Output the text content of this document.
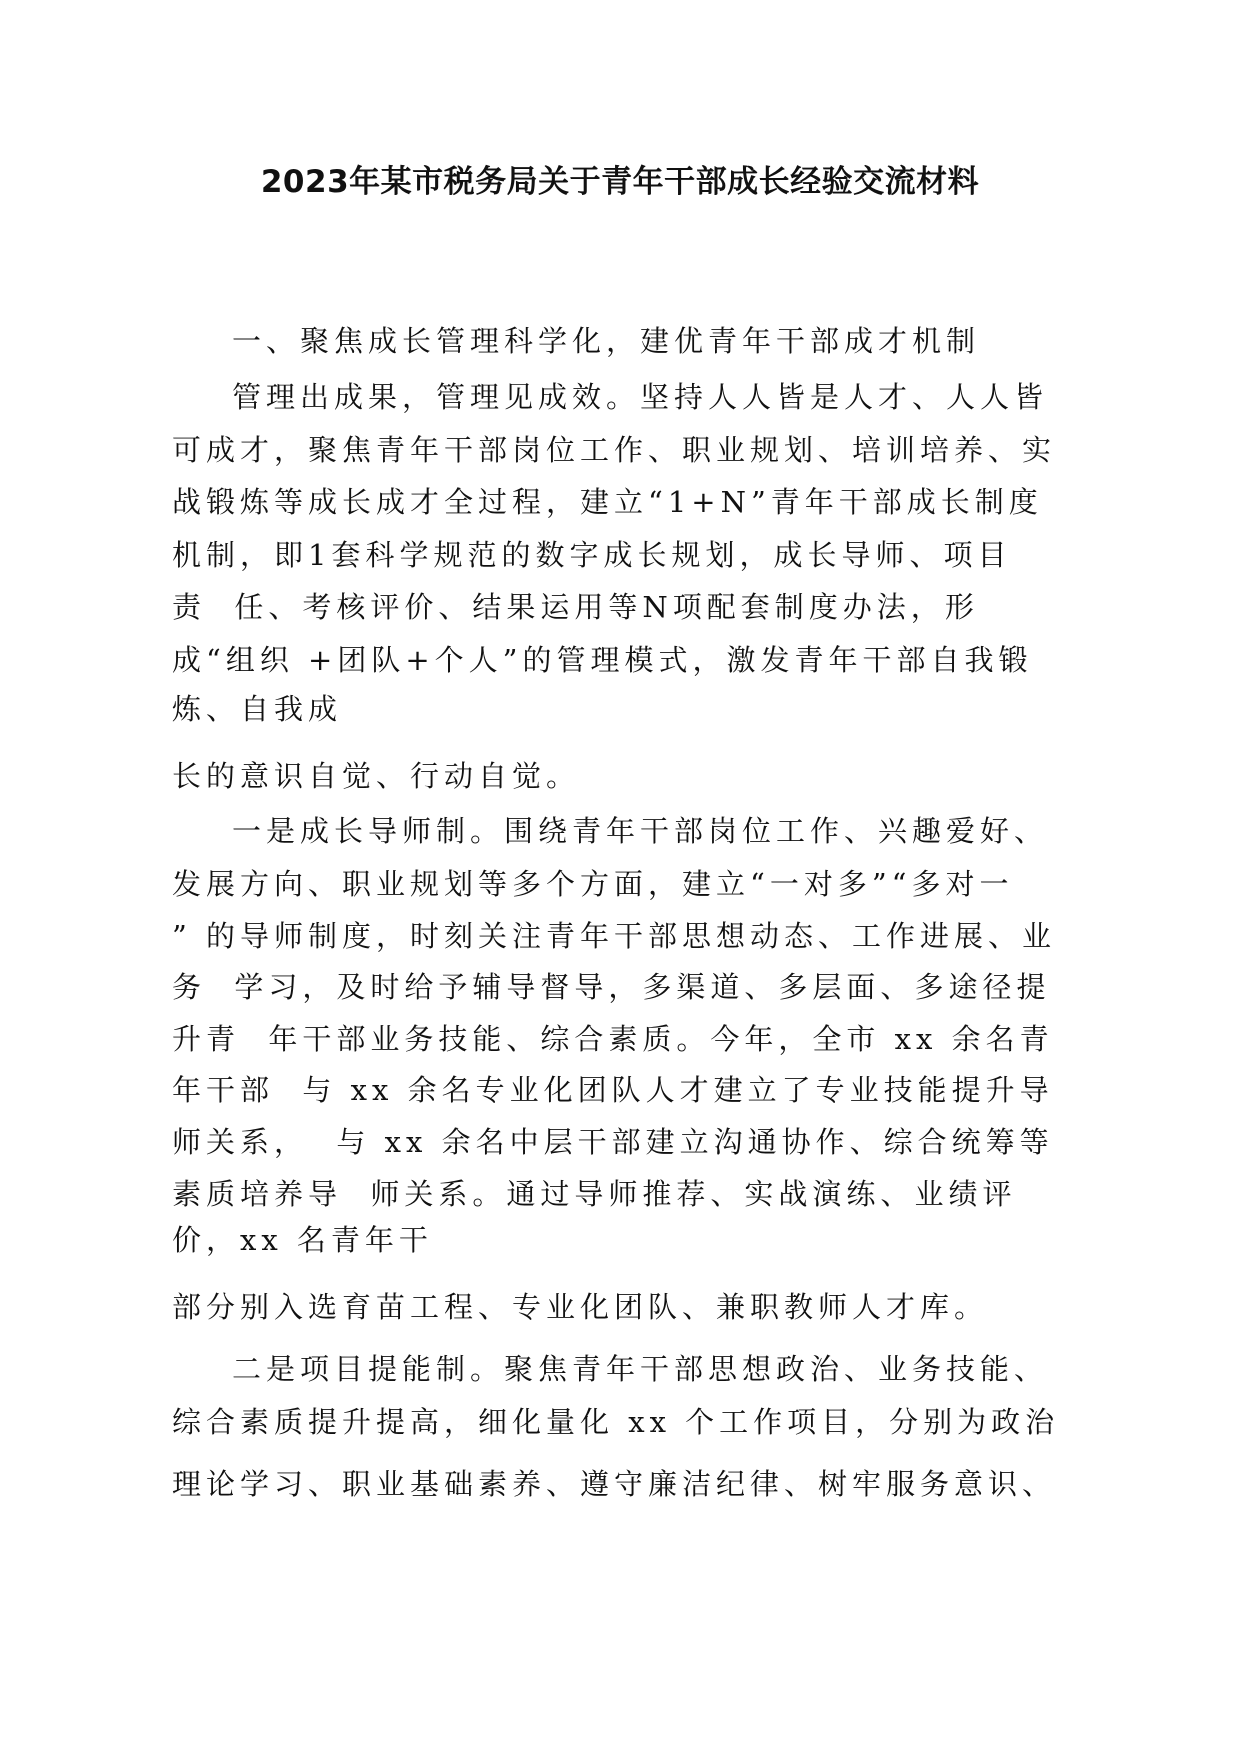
2023年某市税务局关于青年干部成长经验交流材料
一、聚焦成长管理科学化，建优青年干部成才机制
管理出成果，管理见成效。坚持人人皆是人才、人人皆
可成才，聚焦青年干部岗位工作、职业规划、培训培养、实
战锻炼等成长成才全过程，建立“1+N”青年干部成长制度
机制，即1套科学规范的数字成长规划，成长导师、项目
责  任、考核评价、结果运用等N项配套制度办法，形
成“组织 +团队+个人”的管理模式，激发青年干部自我锻
炼、自我成
长的意识自觉、行动自觉。
一是成长导师制。围绕青年干部岗位工作、兴趣爱好、
发展方向、职业规划等多个方面，建立“一对多”“多对一
” 的导师制度，时刻关注青年干部思想动态、工作进展、业
务  学习，及时给予辅导督导，多渠道、多层面、多途径提
升青  年干部业务技能、综合素质。今年，全市 xx 余名青
年干部  与 xx 余名专业化团队人才建立了专业技能提升导
师关系，  与 xx 余名中层干部建立沟通协作、综合统筹等
素质培养导  师关系。通过导师推荐、实战演练、业绩评
价，xx 名青年干
部分别入选育苗工程、专业化团队、兼职教师人才库。
二是项目提能制。聚焦青年干部思想政治、业务技能、
综合素质提升提高，细化量化 xx 个工作项目，分别为政治
理论学习、职业基础素养、遵守廉洁纪律、树牢服务意识、
